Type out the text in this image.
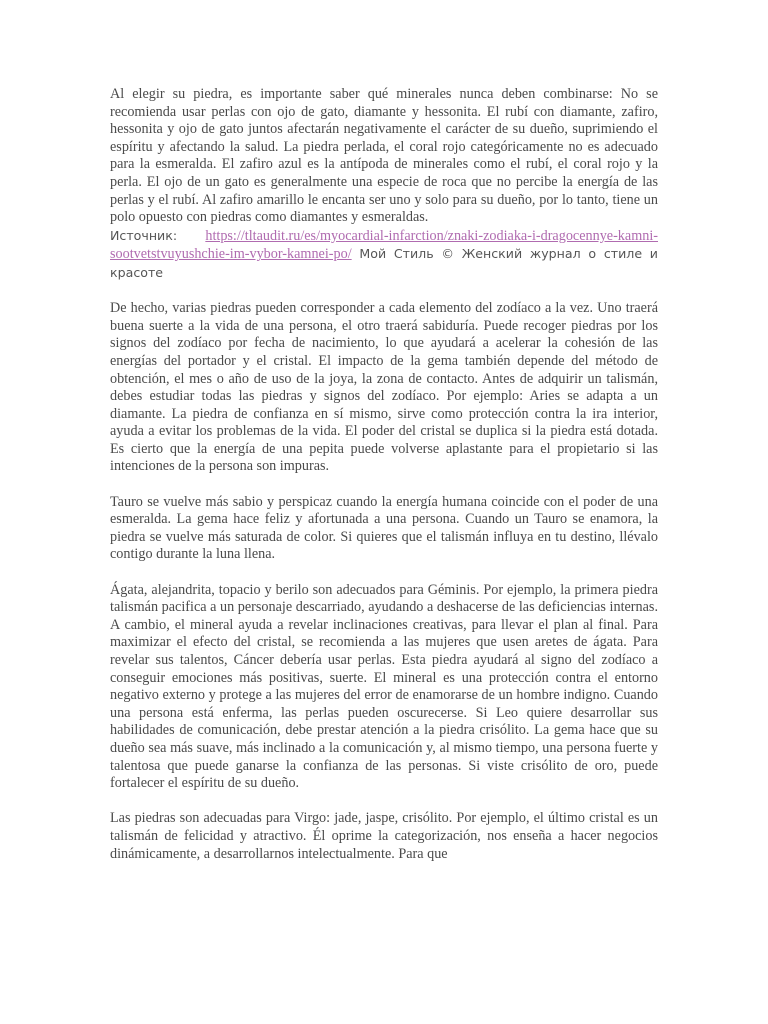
Al elegir su piedra, es importante saber qué minerales nunca deben combinarse: No se recomienda usar perlas con ojo de gato, diamante y hessonita. El rubí con diamante, zafiro, hessonita y ojo de gato juntos afectarán negativamente el carácter de su dueño, suprimiendo el espíritu y afectando la salud. La piedra perlada, el coral rojo categóricamente no es adecuado para la esmeralda. El zafiro azul es la antípoda de minerales como el rubí, el coral rojo y la perla. El ojo de un gato es generalmente una especie de roca que no percibe la energía de las perlas y el rubí. Al zafiro amarillo le encanta ser uno y solo para su dueño, por lo tanto, tiene un polo opuesto con piedras como diamantes y esmeraldas.

Источник: https://tltaudit.ru/es/myocardial-infarction/znaki-zodiaka-i-dragocennye-kamni-sootvetstvuyushchie-im-vybor-kamnei-po/ Мой Стиль © Женский журнал о стиле и красоте

De hecho, varias piedras pueden corresponder a cada elemento del zodíaco a la vez. Uno traerá buena suerte a la vida de una persona, el otro traerá sabiduría. Puede recoger piedras por los signos del zodíaco por fecha de nacimiento, lo que ayudará a acelerar la cohesión de las energías del portador y el cristal. El impacto de la gema también depende del método de obtención, el mes o año de uso de la joya, la zona de contacto. Antes de adquirir un talismán, debes estudiar todas las piedras y signos del zodíaco. Por ejemplo: Aries se adapta a un diamante. La piedra de confianza en sí mismo, sirve como protección contra la ira interior, ayuda a evitar los problemas de la vida. El poder del cristal se duplica si la piedra está dotada. Es cierto que la energía de una pepita puede volverse aplastante para el propietario si las intenciones de la persona son impuras.

Tauro se vuelve más sabio y perspicaz cuando la energía humana coincide con el poder de una esmeralda. La gema hace feliz y afortunada a una persona. Cuando un Tauro se enamora, la piedra se vuelve más saturada de color. Si quieres que el talismán influya en tu destino, llévalo contigo durante la luna llena.

Ágata, alejandrita, topacio y berilo son adecuados para Géminis. Por ejemplo, la primera piedra talismán pacifica a un personaje descarriado, ayudando a deshacerse de las deficiencias internas. A cambio, el mineral ayuda a revelar inclinaciones creativas, para llevar el plan al final. Para maximizar el efecto del cristal, se recomienda a las mujeres que usen aretes de ágata. Para revelar sus talentos, Cáncer debería usar perlas. Esta piedra ayudará al signo del zodíaco a conseguir emociones más positivas, suerte. El mineral es una protección contra el entorno negativo externo y protege a las mujeres del error de enamorarse de un hombre indigno. Cuando una persona está enferma, las perlas pueden oscurecerse. Si Leo quiere desarrollar sus habilidades de comunicación, debe prestar atención a la piedra crisólito. La gema hace que su dueño sea más suave, más inclinado a la comunicación y, al mismo tiempo, una persona fuerte y talentosa que puede ganarse la confianza de las personas. Si viste crisólito de oro, puede fortalecer el espíritu de su dueño.

Las piedras son adecuadas para Virgo: jade, jaspe, crisólito. Por ejemplo, el último cristal es un talismán de felicidad y atractivo. Él oprime la categorización, nos enseña a hacer negocios dinámicamente, a desarrollarnos intelectualmente. Para que
